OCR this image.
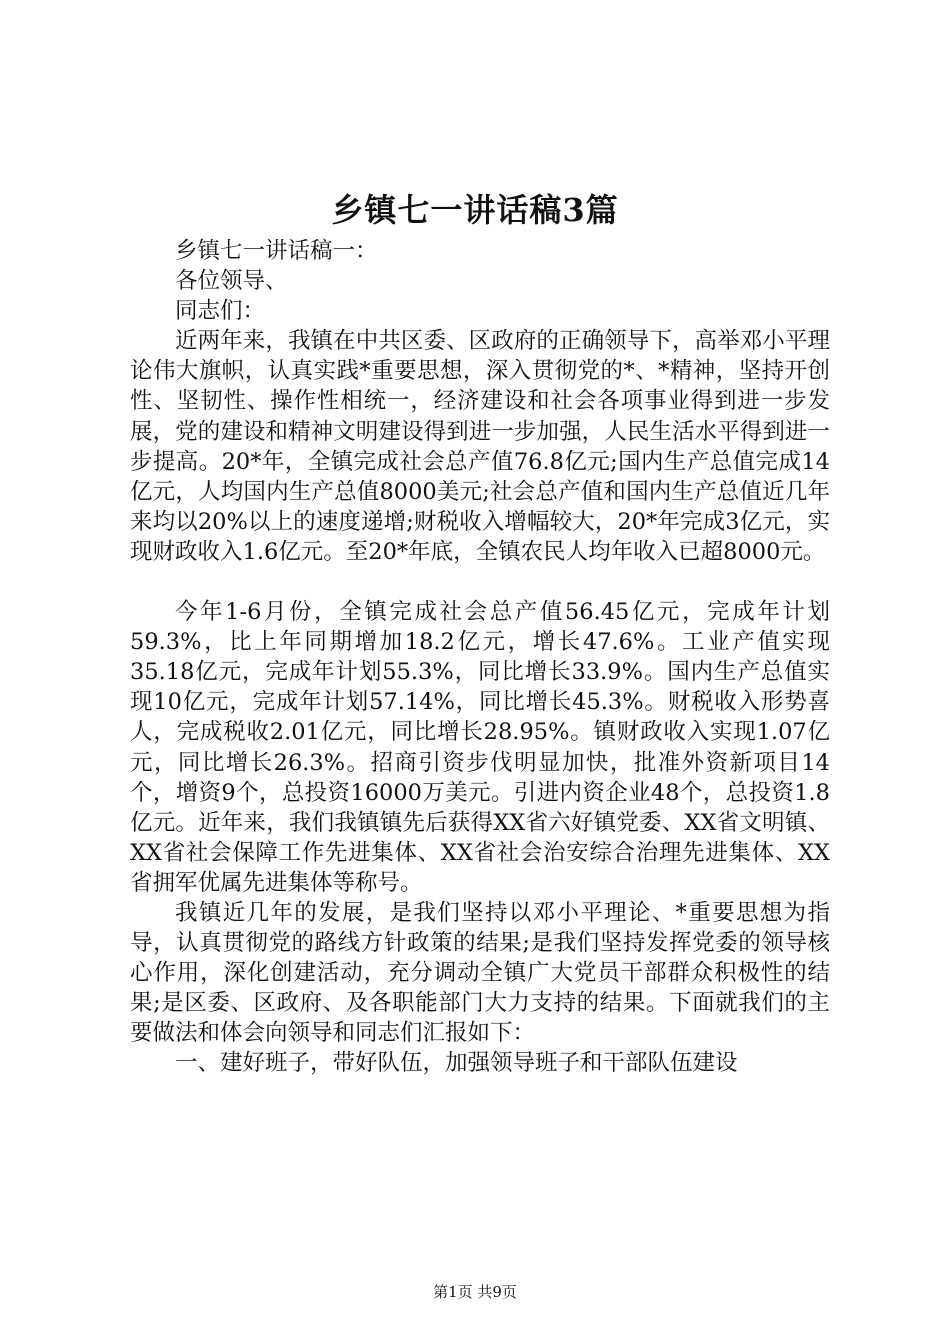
乡镇七一讲话稿3篇

乡镇七一讲话稿一：

各位领导、

同志们：

近两年来，我镇在中共区委、区政府的正确领导下，高举邓小平理论伟大旗帜，认真实践*重要思想，深入贯彻党的*、*精神，坚持开创性、坚韧性、操作性相统一，经济建设和社会各项事业得到进一步发展，党的建设和精神文明建设得到进一步加强，人民生活水平得到进一步提高。20*年，全镇完成社会总产值76.8亿元;国内生产总值完成14亿元，人均国内生产总值8000美元;社会总产值和国内生产总值近几年来均以20%以上的速度递增;财税收入增幅较大，20*年完成3亿元，实现财政收入1.6亿元。至20*年底，全镇农民人均年收入已超8000元。

今年1-6月份，全镇完成社会总产值56.45亿元，完成年计划59.3%，比上年同期增加18.2亿元，增长47.6%。工业产值实现35.18亿元，完成年计划55.3%，同比增长33.9%。国内生产总值实现10亿元，完成年计划57.14%，同比增长45.3%。财税收入形势喜人，完成税收2.01亿元，同比增长28.95%。镇财政收入实现1.07亿元，同比增长26.3%。招商引资步伐明显加快，批准外资新项目14个，增资9个，总投资16000万美元。引进内资企业48个，总投资1.8亿元。近年来，我们我镇镇先后获得XX省六好镇党委、XX省文明镇、XX省社会保障工作先进集体、XX省社会治安综合治理先进集体、XX省拥军优属先进集体等称号。

我镇近几年的发展，是我们坚持以邓小平理论、*重要思想为指导，认真贯彻党的路线方针政策的结果;是我们坚持发挥党委的领导核心作用，深化创建活动，充分调动全镇广大党员干部群众积极性的结果;是区委、区政府、及各职能部门大力支持的结果。下面就我们的主要做法和体会向领导和同志们汇报如下：

一、建好班子，带好队伍，加强领导班子和干部队伍建设

第1页 共9页
